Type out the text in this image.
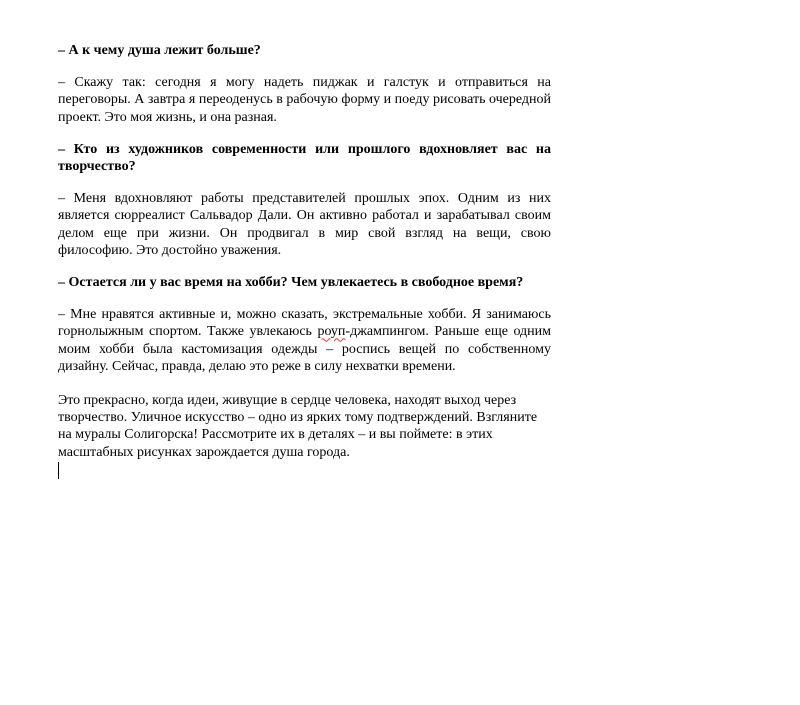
– А к чему душа лежит больше?

– Скажу так: сегодня я могу надеть пиджак и галстук и отправиться на переговоры. А завтра я переоденусь в рабочую форму и поеду рисовать очередной проект. Это моя жизнь, и она разная.

– Кто из художников современности или прошлого вдохновляет вас на творчество?

– Меня вдохновляют работы представителей прошлых эпох. Одним из них является сюрреалист Сальвадор Дали. Он активно работал и зарабатывал своим делом еще при жизни. Он продвигал в мир свой взгляд на вещи, свою философию. Это достойно уважения.

– Остается ли у вас время на хобби? Чем увлекаетесь в свободное время?

– Мне нравятся активные и, можно сказать, экстремальные хобби. Я занимаюсь горнолыжным спортом. Также увлекаюсь роуп-джампингом. Раньше еще одним моим хобби была кастомизация одежды – роспись вещей по собственному дизайну. Сейчас, правда, делаю это реже в силу нехватки времени.

Это прекрасно, когда идеи, живущие в сердце человека, находят выход через творчество. Уличное искусство – одно из ярких тому подтверждений. Взгляните на муралы Солигорска! Рассмотрите их в деталях – и вы поймете: в этих масштабных рисунках зарождается душа города.
